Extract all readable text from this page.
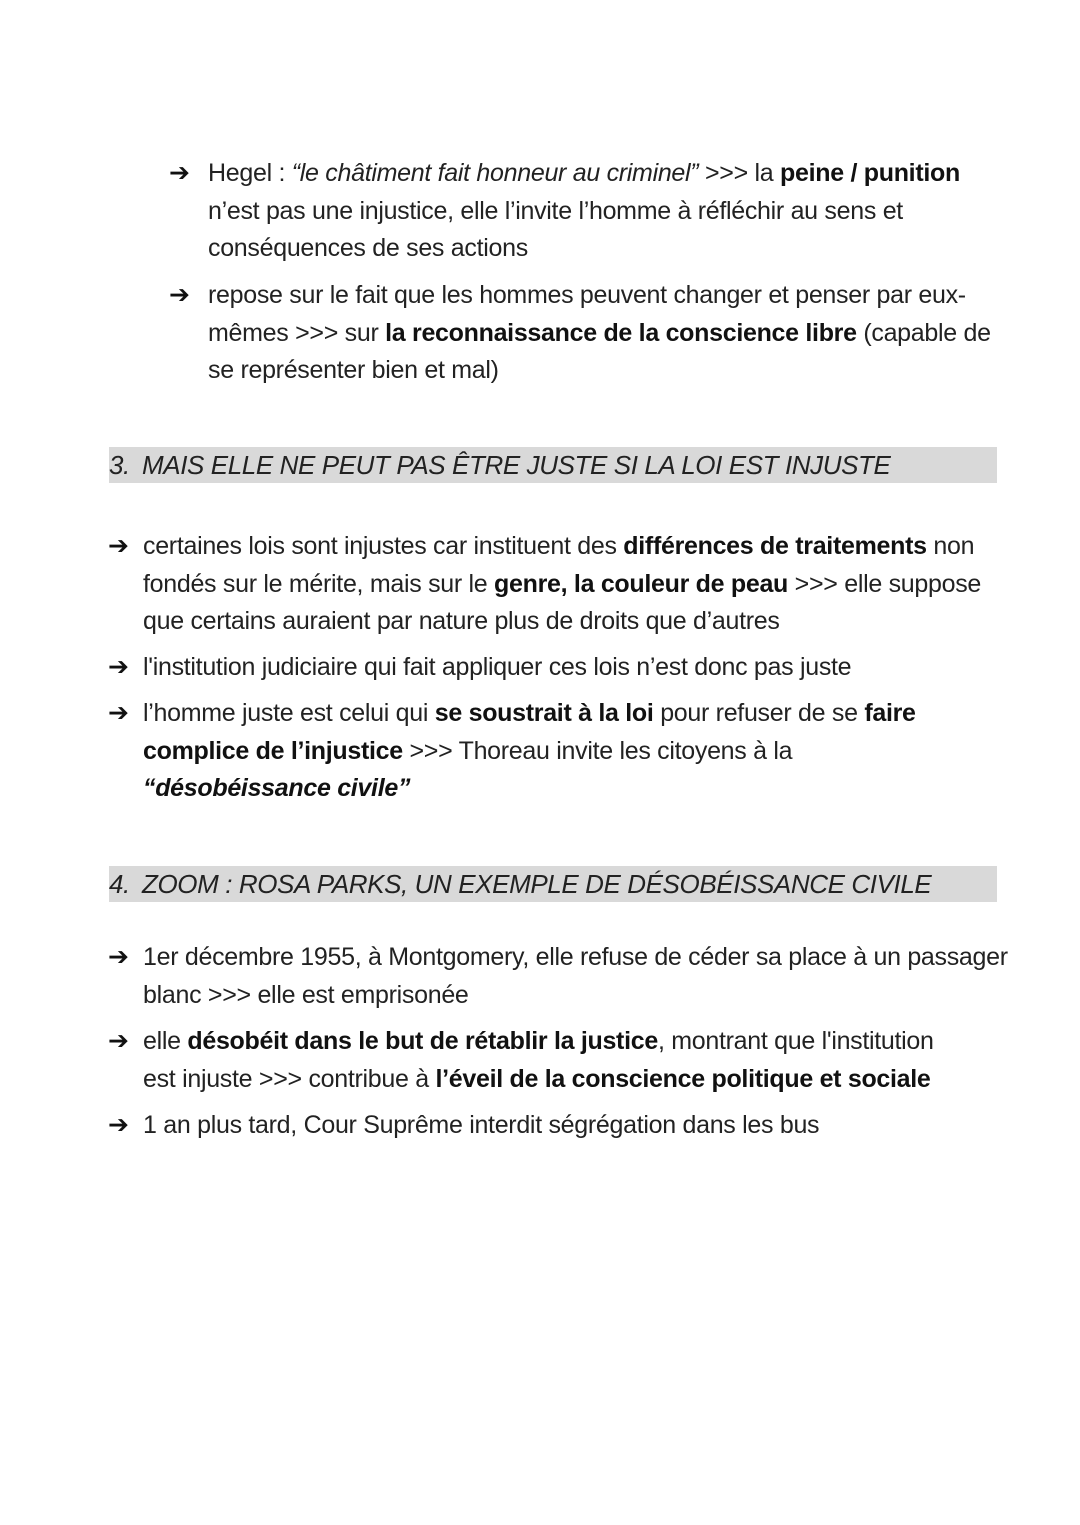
➔ Hegel : “le châtiment fait honneur au criminel” >>> la peine / punition n’est pas une injustice, elle l’invite l’homme à réfléchir au sens et conséquences de ses actions
➔ repose sur le fait que les hommes peuvent changer et penser par eux-mêmes >>> sur la reconnaissance de la conscience libre (capable de se représenter bien et mal)
3. MAIS ELLE NE PEUT PAS ÊTRE JUSTE SI LA LOI EST INJUSTE
➔ certaines lois sont injustes car instituent des différences de traitements non fondés sur le mérite, mais sur le genre, la couleur de peau >>> elle suppose que certains auraient par nature plus de droits que d’autres
➔ l'institution judiciaire qui fait appliquer ces lois n’est donc pas juste
➔ l’homme juste est celui qui se soustrait à la loi pour refuser de se faire complice de l’injustice >>> Thoreau invite les citoyens à la “désobéissance civile”
4. ZOOM : ROSA PARKS, UN EXEMPLE DE DÉSOBÉISSANCE CIVILE
➔ 1er décembre 1955, à Montgomery, elle refuse de céder sa place à un passager blanc >>> elle est emprisonée
➔ elle désobéit dans le but de rétablir la justice, montrant que l'institution est injuste >>> contribue à l’éveil de la conscience politique et sociale
➔ 1 an plus tard, Cour Suprême interdit ségrégation dans les bus
